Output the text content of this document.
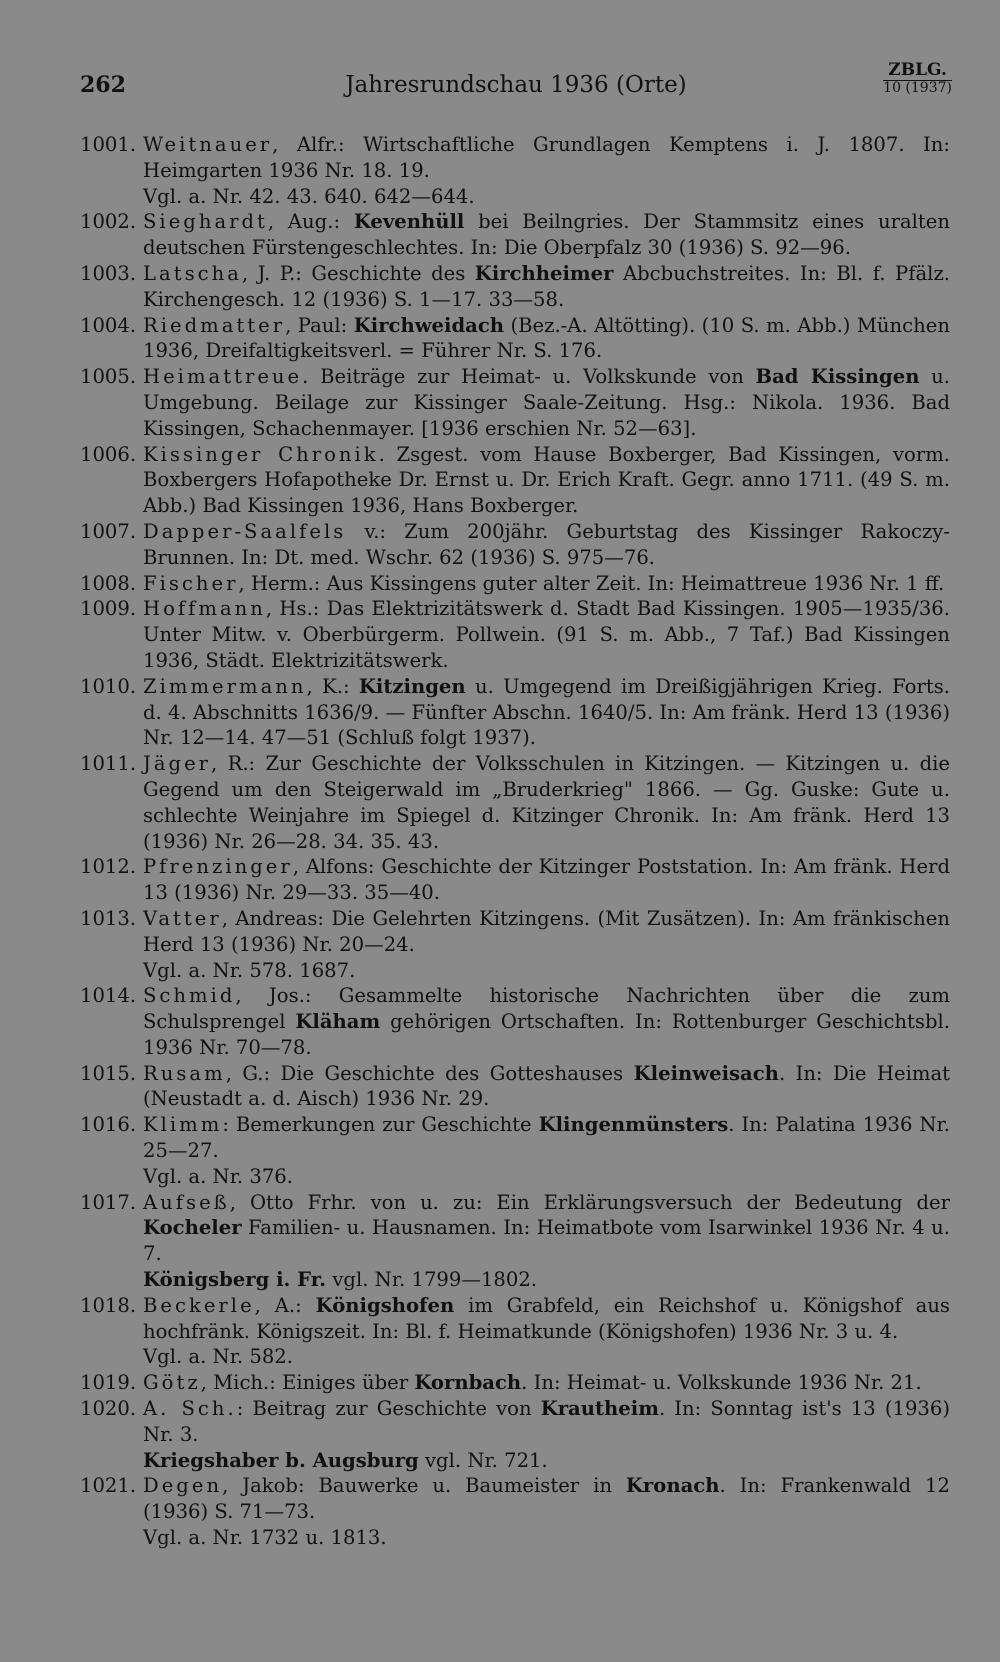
262	Jahresrundschau 1936 (Orte)
ZBLG.
10 (1937)
1001. Weitnauer, Alfr.: Wirtschaftliche Grundlagen Kemptens i. J. 1807. In: Heimgarten 1936 Nr. 18. 19.
Vgl. a. Nr. 42. 43. 640. 642—644.
1002. Sieghardt, Aug.: Kevenhüll bei Beilngries. Der Stammsitz eines uralten deutschen Fürstengeschlechtes. In: Die Oberpfalz 30 (1936) S. 92—96.
1003. Latscha, J. P.: Geschichte des Kirchheimer Abcbuchstreites. In: Bl. f. Pfälz. Kirchengesch. 12 (1936) S. 1—17. 33—58.
1004. Riedmatter, Paul: Kirchweidach (Bez.-A. Altötting). (10 S. m. Abb.) München 1936, Dreifaltigkeitsverl. = Führer Nr. S. 176.
1005. Heimattreue. Beiträge zur Heimat- u. Volkskunde von Bad Kissingen u. Umgebung. Beilage zur Kissinger Saale-Zeitung. Hsg.: Nikola. 1936. Bad Kissingen, Schachenmayer. [1936 erschien Nr. 52—63].
1006. Kissinger Chronik. Zsgest. vom Hause Boxberger, Bad Kissingen, vorm. Boxbergers Hofapotheke Dr. Ernst u. Dr. Erich Kraft. Gegr. anno 1711. (49 S. m. Abb.) Bad Kissingen 1936, Hans Boxberger.
1007. Dapper-Saalfels v.: Zum 200jähr. Geburtstag des Kissinger Rakoczy-Brunnen. In: Dt. med. Wschr. 62 (1936) S. 975—76.
1008. Fischer, Herm.: Aus Kissingens guter alter Zeit. In: Heimattreue 1936 Nr. 1 ff.
1009. Hoffmann, Hs.: Das Elektrizitätswerk d. Stadt Bad Kissingen. 1905—1935/36. Unter Mitw. v. Oberbürgerm. Pollwein. (91 S. m. Abb., 7 Taf.) Bad Kissingen 1936, Städt. Elektrizitätswerk.
1010. Zimmermann, K.: Kitzingen u. Umgegend im Dreißigjährigen Krieg. Forts. d. 4. Abschnitts 1636/9. — Fünfter Abschn. 1640/5. In: Am fränk. Herd 13 (1936) Nr. 12—14. 47—51 (Schluß folgt 1937).
1011. Jäger, R.: Zur Geschichte der Volksschulen in Kitzingen. — Kitzingen u. die Gegend um den Steigerwald im „Bruderkrieg" 1866. — Gg. Guske: Gute u. schlechte Weinjahre im Spiegel d. Kitzinger Chronik. In: Am fränk. Herd 13 (1936) Nr. 26—28. 34. 35. 43.
1012. Pfrenzinger, Alfons: Geschichte der Kitzinger Poststation. In: Am fränk. Herd 13 (1936) Nr. 29—33. 35—40.
1013. Vatter, Andreas: Die Gelehrten Kitzingens. (Mit Zusätzen). In: Am fränkischen Herd 13 (1936) Nr. 20—24.
Vgl. a. Nr. 578. 1687.
1014. Schmid, Jos.: Gesammelte historische Nachrichten über die zum Schulsprengel Kläham gehörigen Ortschaften. In: Rottenburger Geschichtsbl. 1936 Nr. 70—78.
1015. Rusam, G.: Die Geschichte des Gotteshauses Kleinweisach. In: Die Heimat (Neustadt a. d. Aisch) 1936 Nr. 29.
1016. Klimm: Bemerkungen zur Geschichte Klingenmünsters. In: Palatina 1936 Nr. 25—27.
Vgl. a. Nr. 376.
1017. Aufseß, Otto Frhr. von u. zu: Ein Erklärungsversuch der Bedeutung der Kocheler Familien- u. Hausnamen. In: Heimatbote vom Isarwinkel 1936 Nr. 4 u. 7.
Königsberg i. Fr. vgl. Nr. 1799—1802.
1018. Beckerle, A.: Königshofen im Grabfeld, ein Reichshof u. Königshof aus hochfränk. Königszeit. In: Bl. f. Heimatkunde (Königshofen) 1936 Nr. 3 u. 4.
Vgl. a. Nr. 582.
1019. Götz, Mich.: Einiges über Kornbach. In: Heimat- u. Volkskunde 1936 Nr. 21.
1020. A. Sch.: Beitrag zur Geschichte von Krautheim. In: Sonntag ist's 13 (1936) Nr. 3.
Kriegshaber b. Augsburg vgl. Nr. 721.
1021. Degen, Jakob: Bauwerke u. Baumeister in Kronach. In: Frankenwald 12 (1936) S. 71—73.
Vgl. a. Nr. 1732 u. 1813.
